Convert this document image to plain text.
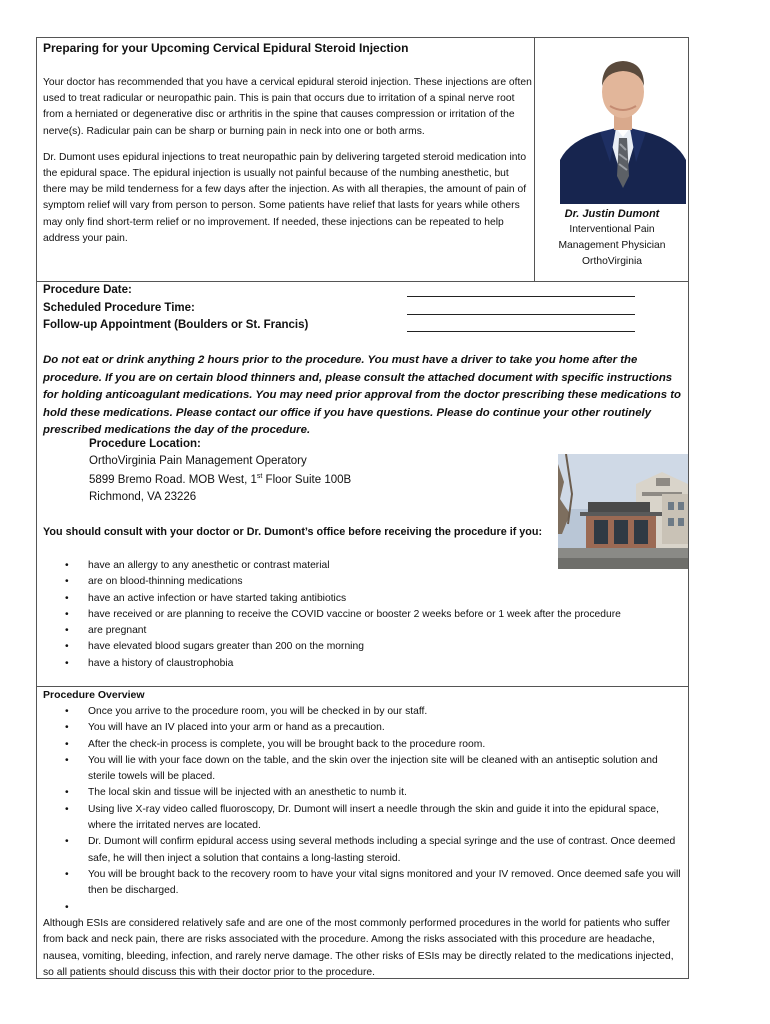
Preparing for your Upcoming Cervical Epidural Steroid Injection

Your doctor has recommended that you have a cervical epidural steroid injection. These injections are often used to treat radicular or neuropathic pain. This is pain that occurs due to irritation of a spinal nerve root from a herniated or degenerative disc or arthritis in the spine that causes compression or irritation of the nerve(s). Radicular pain can be sharp or burning pain in neck into one or both arms.

Dr. Dumont uses epidural injections to treat neuropathic pain by delivering targeted steroid medication into the epidural space. The epidural injection is usually not painful because of the numbing anesthetic, but there may be mild tenderness for a few days after the injection. As with all therapies, the amount of pain of symptom relief will vary from person to person. Some patients have relief that lasts for years while others may only find short-term relief or no improvement. If needed, these injections can be repeated to help address your pain.

Dr. Justin Dumont
Interventional Pain
Management Physician
OrthoVirginia
Procedure Date:
Scheduled Procedure Time:
Follow-up Appointment (Boulders or St. Francis)
Do not eat or drink anything 2 hours prior to the procedure. You must have a driver to take you home after the procedure. If you are on certain blood thinners and, please consult the attached document with specific instructions for holding anticoagulant medications. You may need prior approval from the doctor prescribing these medications to hold these medications. Please contact our office if you have questions. Please do continue your other routinely prescribed medications the day of the procedure.
Procedure Location:
OrthoVirginia Pain Management Operatory
5899 Bremo Road. MOB West, 1st Floor Suite 100B
Richmond, VA 23226
You should consult with your doctor or Dr. Dumont’s office before receiving the procedure if you:
• have an allergy to any anesthetic or contrast material
• are on blood-thinning medications
• have an active infection or have started taking antibiotics
• have received or are planning to receive the COVID vaccine or booster 2 weeks before or 1 week after the procedure
• are pregnant
• have elevated blood sugars greater than 200 on the morning
• have a history of claustrophobia
Procedure Overview
• Once you arrive to the procedure room, you will be checked in by our staff.
• You will have an IV placed into your arm or hand as a precaution.
• After the check-in process is complete, you will be brought back to the procedure room.
• You will lie with your face down on the table, and the skin over the injection site will be cleaned with an antiseptic solution and sterile towels will be placed.
• The local skin and tissue will be injected with an anesthetic to numb it.
• Using live X-ray video called fluoroscopy, Dr. Dumont will insert a needle through the skin and guide it into the epidural space, where the irritated nerves are located.
• Dr. Dumont will confirm epidural access using several methods including a special syringe and the use of contrast. Once deemed safe, he will then inject a solution that contains a long-lasting steroid.
• You will be brought back to the recovery room to have your vital signs monitored and your IV removed. Once deemed safe you will then be discharged.
•
Although ESIs are considered relatively safe and are one of the most commonly performed procedures in the world for patients who suffer from back and neck pain, there are risks associated with the procedure. Among the risks associated with this procedure are headache, nausea, vomiting, bleeding, infection, and rarely nerve damage. The other risks of ESIs may be directly related to the medications injected, so all patients should discuss this with their doctor prior to the procedure.
